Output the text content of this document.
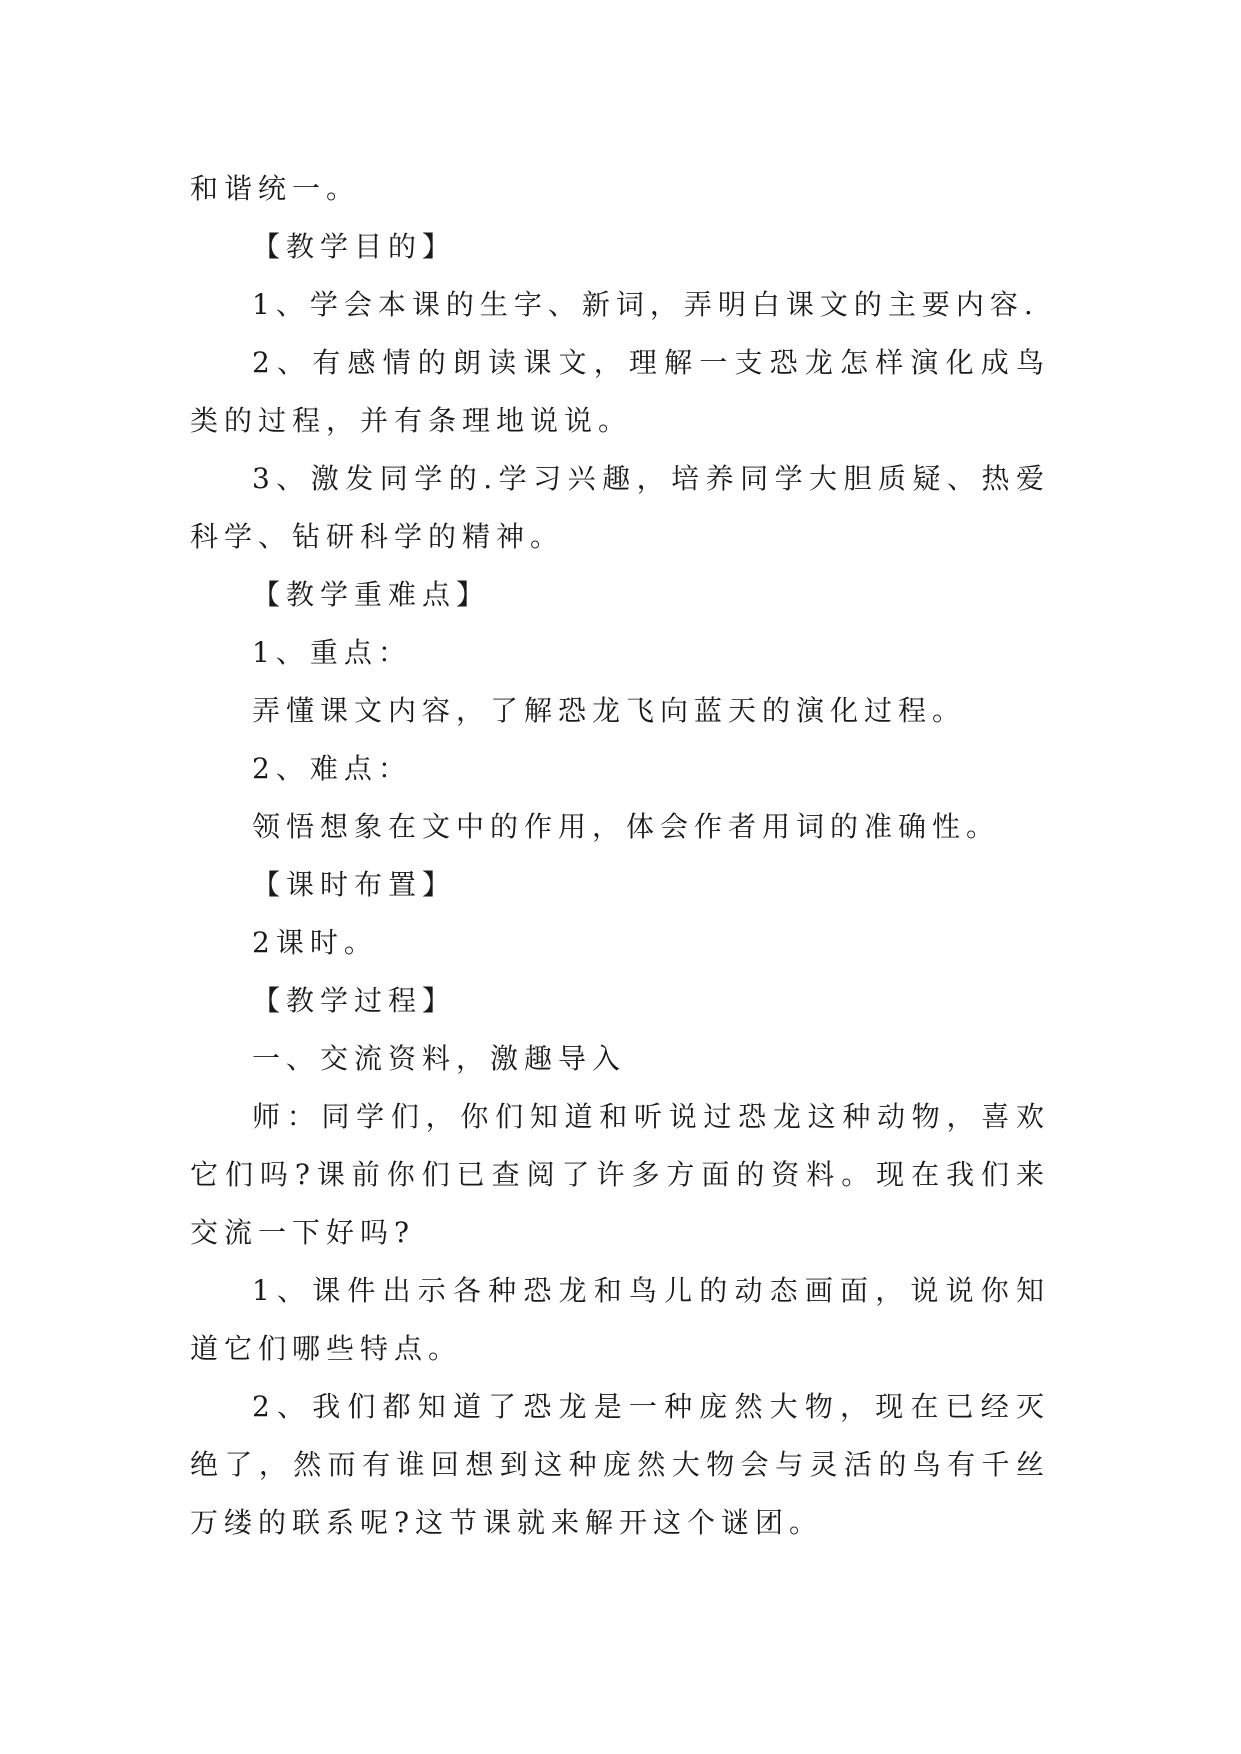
和谐统一。

【教学目的】

1、学会本课的生字、新词，弄明白课文的主要内容.

2、有感情的朗读课文，理解一支恐龙怎样演化成鸟类的过程，并有条理地说说。

3、激发同学的.学习兴趣，培养同学大胆质疑、热爱科学、钻研科学的精神。

【教学重难点】

1、重点：

弄懂课文内容，了解恐龙飞向蓝天的演化过程。

2、难点：

领悟想象在文中的作用，体会作者用词的准确性。

【课时布置】

2课时。

【教学过程】

一、交流资料，激趣导入

师：同学们，你们知道和听说过恐龙这种动物，喜欢它们吗?课前你们已查阅了许多方面的资料。现在我们来交流一下好吗?

1、课件出示各种恐龙和鸟儿的动态画面，说说你知道它们哪些特点。

2、我们都知道了恐龙是一种庞然大物，现在已经灭绝了，然而有谁回想到这种庞然大物会与灵活的鸟有千丝万缕的联系呢?这节课就来解开这个谜团。
